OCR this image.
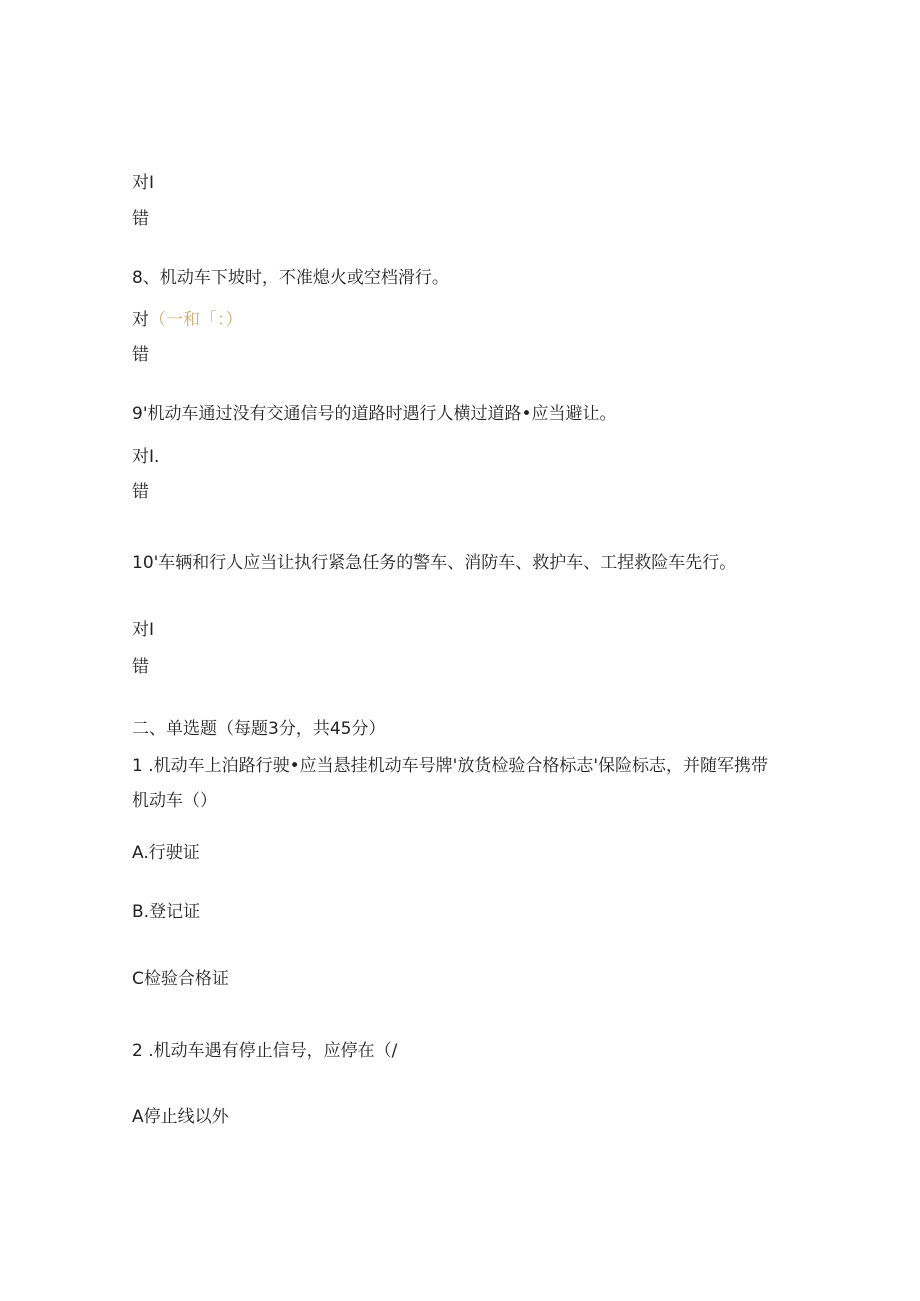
对I
错
8、机动车下坡时，不准熄火或空档滑行。
对（一和「：）
错
9'机动车通过没有交通信号的道路时遇行人横过道路•应当避让。
对I.
错
10'车辆和行人应当让执行紧急任务的警车、消防车、救护车、工捏救险车先行。
对I
错
二、单选题（每题3分，共45分）
1 .机动车上泊路行驶•应当悬挂机动车号牌'放货检验合格标志'保险标志，并随军携带
机动车（）
A.行驶证
B.登记证
C检验合格证
2 .机动车遇有停止信号，应停在（/
A停止线以外
